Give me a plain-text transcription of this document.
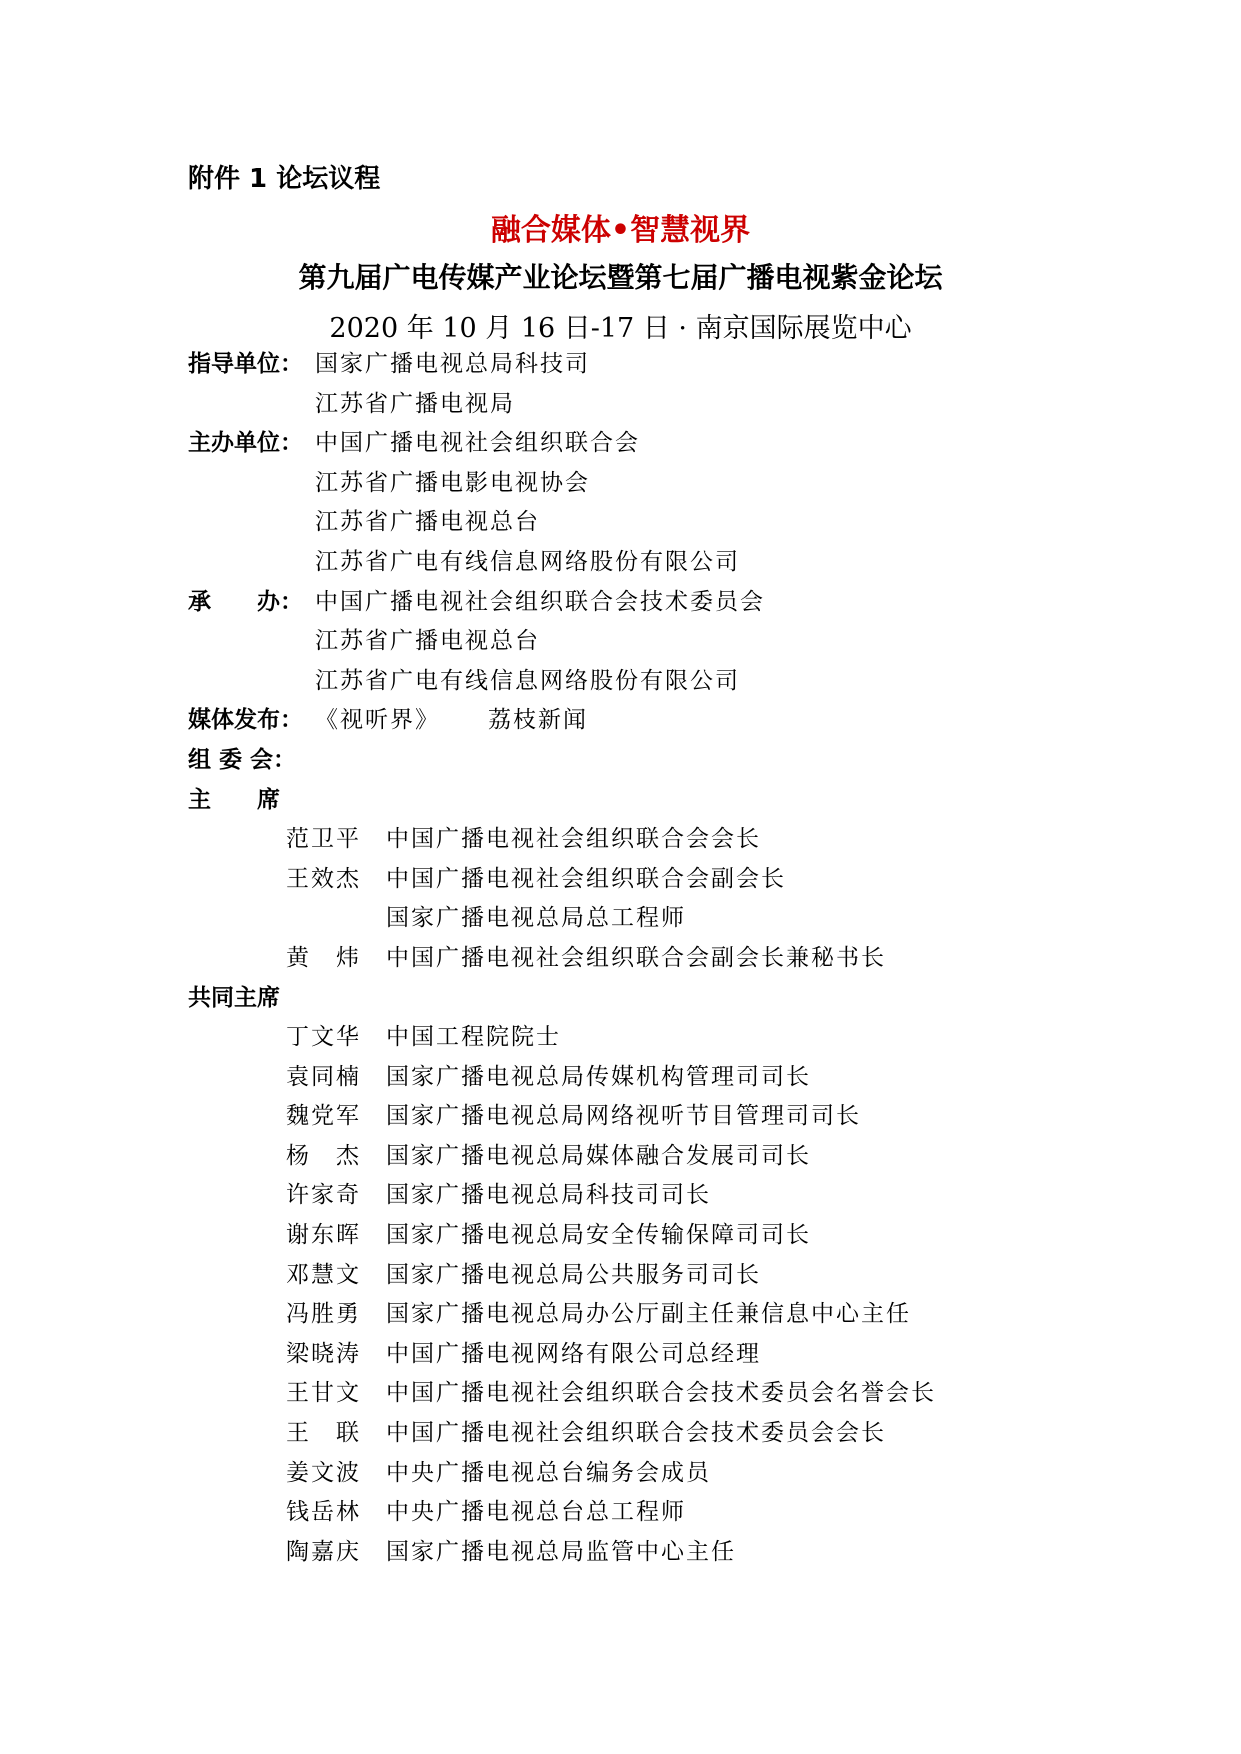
附件 1 论坛议程
融合媒体•智慧视界
第九届广电传媒产业论坛暨第七届广播电视紫金论坛
2020 年 10 月 16 日-17 日 · 南京国际展览中心
指导单位： 国家广播电视总局科技司
江苏省广播电视局
主办单位： 中国广播电视社会组织联合会
江苏省广播电影电视协会
江苏省广播电视总台
江苏省广电有线信息网络股份有限公司
承　　办： 中国广播电视社会组织联合会技术委员会
江苏省广播电视总台
江苏省广电有线信息网络股份有限公司
媒体发布： 《视听界》 荔枝新闻
组 委 会：
主　　席
范卫平 中国广播电视社会组织联合会会长
王效杰 中国广播电视社会组织联合会副会长
国家广播电视总局总工程师
黄　炜 中国广播电视社会组织联合会副会长兼秘书长
共同主席
丁文华 中国工程院院士
袁同楠 国家广播电视总局传媒机构管理司司长
魏党军 国家广播电视总局网络视听节目管理司司长
杨　杰 国家广播电视总局媒体融合发展司司长
许家奇 国家广播电视总局科技司司长
谢东晖 国家广播电视总局安全传输保障司司长
邓慧文 国家广播电视总局公共服务司司长
冯胜勇 国家广播电视总局办公厅副主任兼信息中心主任
梁晓涛 中国广播电视网络有限公司总经理
王甘文 中国广播电视社会组织联合会技术委员会名誉会长
王　联 中国广播电视社会组织联合会技术委员会会长
姜文波 中央广播电视总台编务会成员
钱岳林 中央广播电视总台总工程师
陶嘉庆 国家广播电视总局监管中心主任
